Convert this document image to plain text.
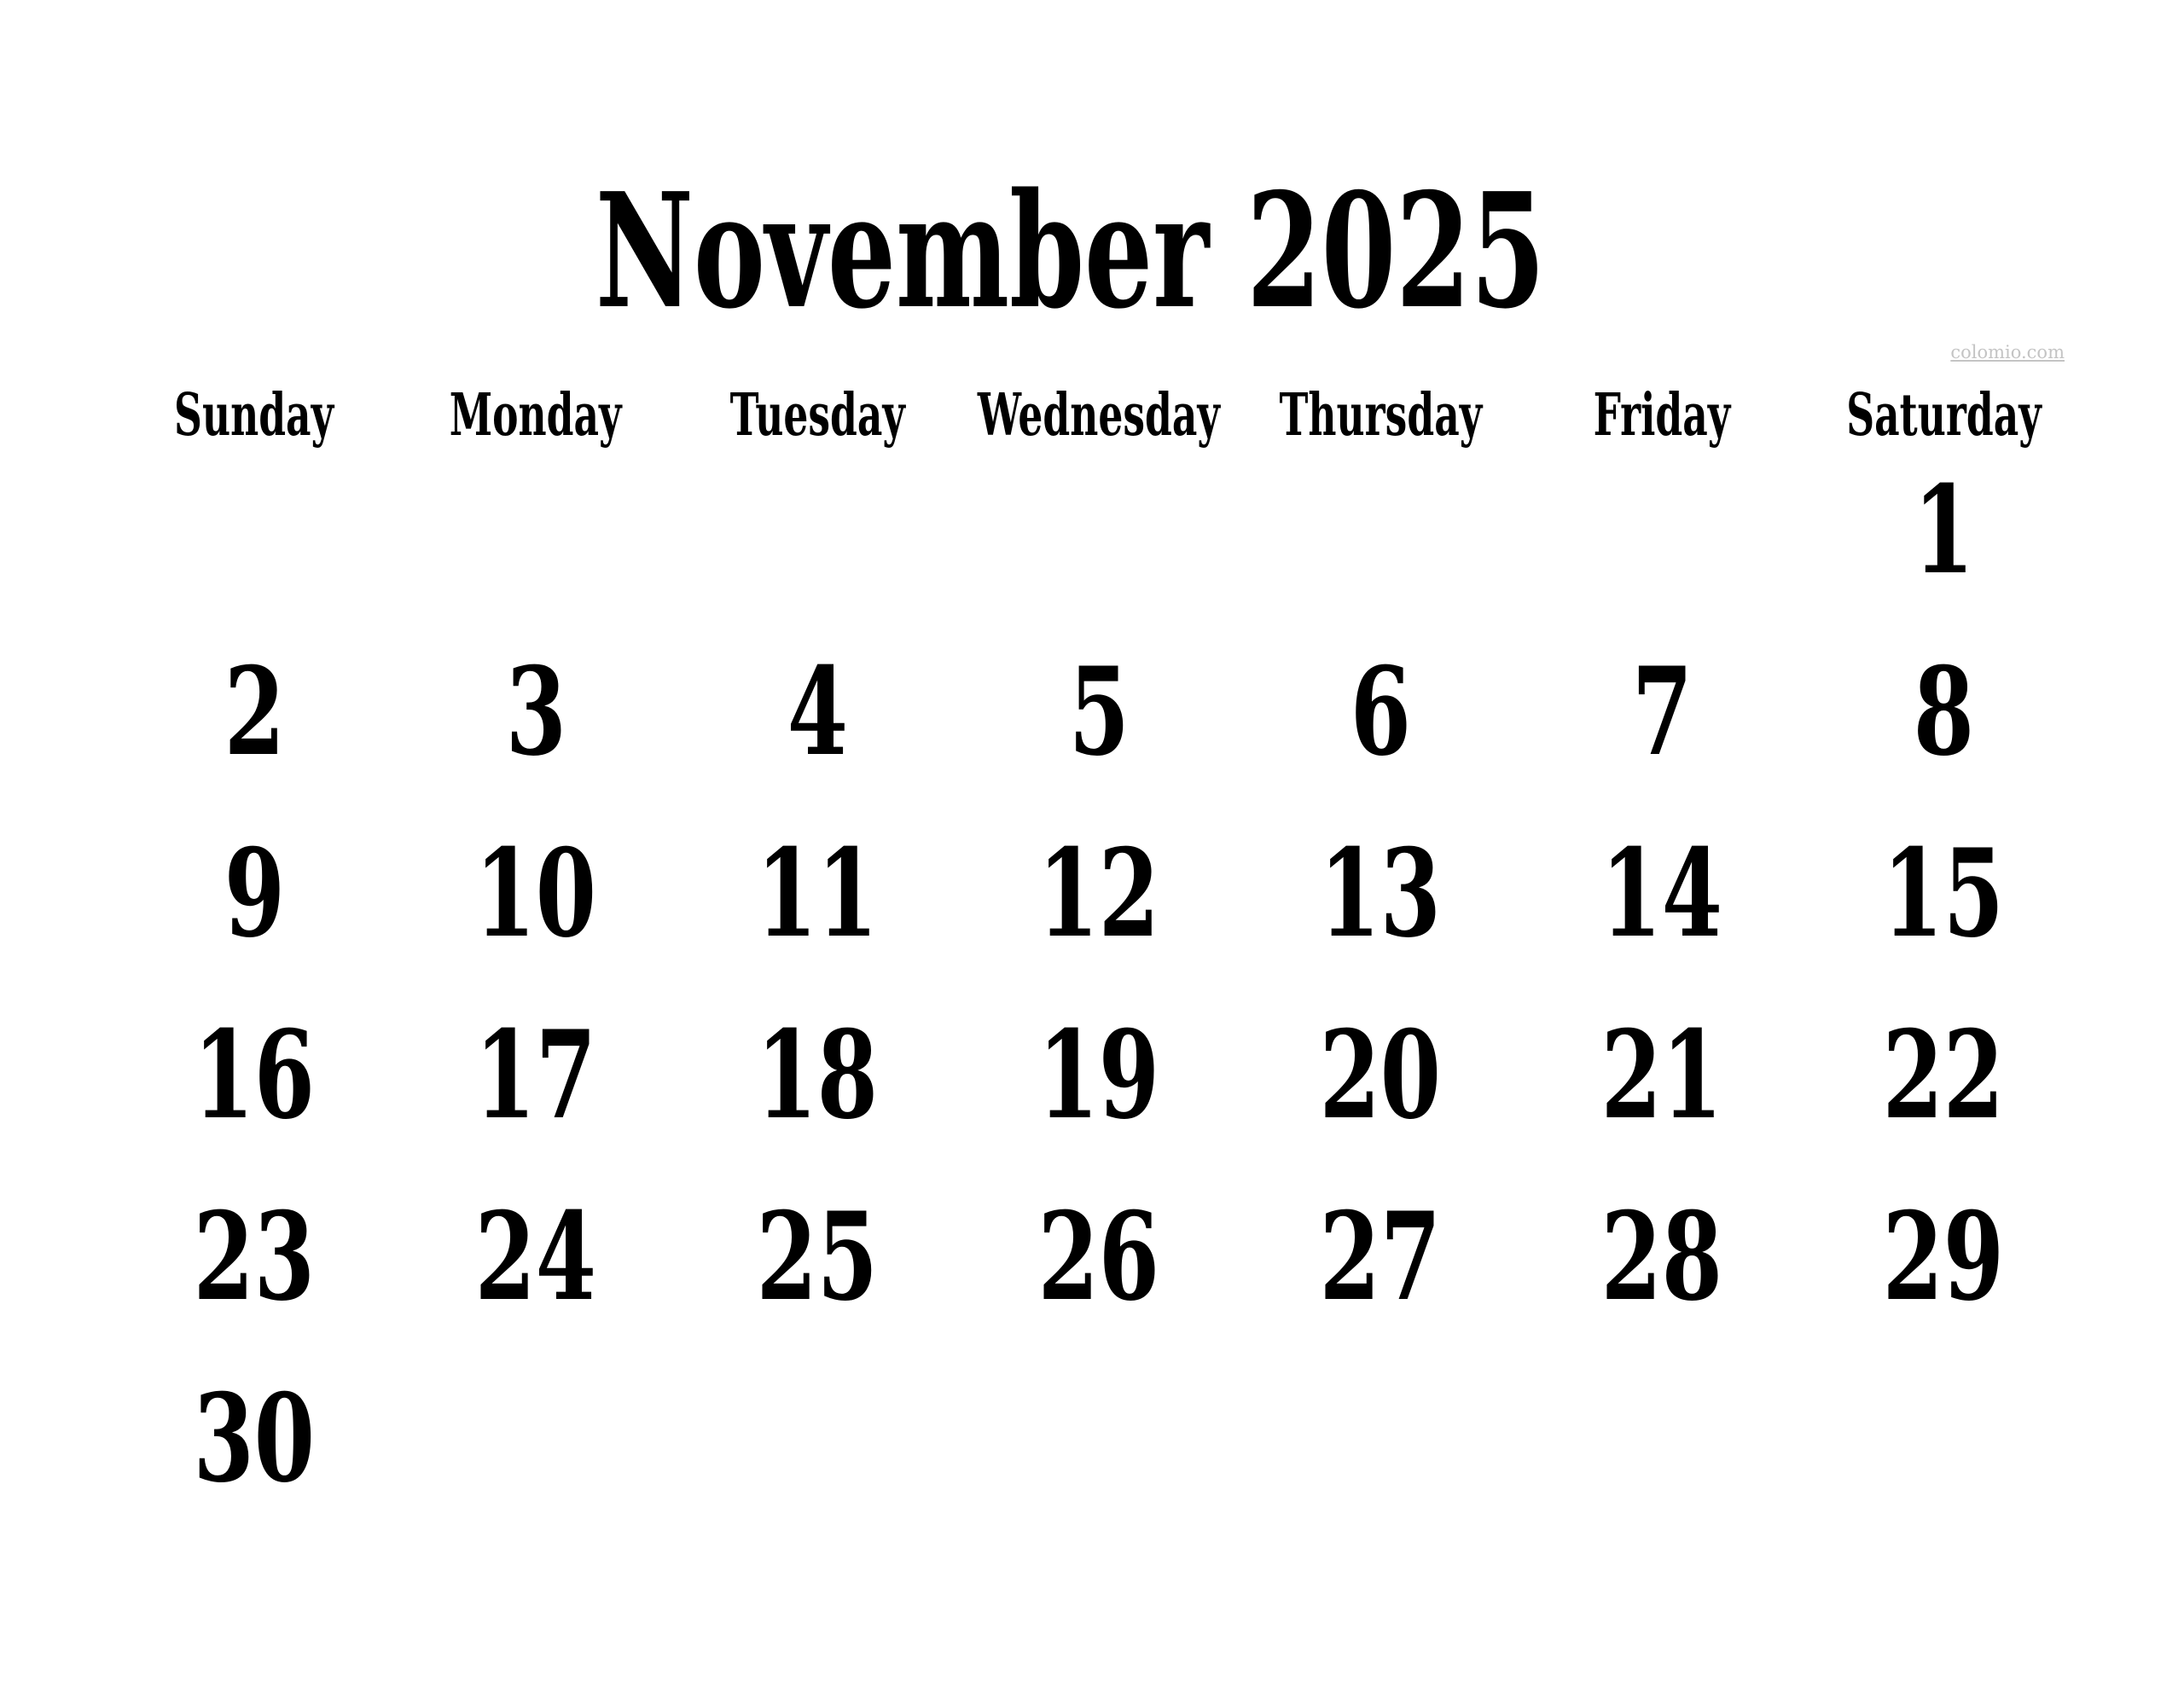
November 2025
colomio.com
Sunday Monday Tuesday Wednesday Thursday Friday Saturday
1
2 3 4 5 6 7 8
9 10 11 12 13 14 15
16 17 18 19 20 21 22
23 24 25 26 27 28 29
30
